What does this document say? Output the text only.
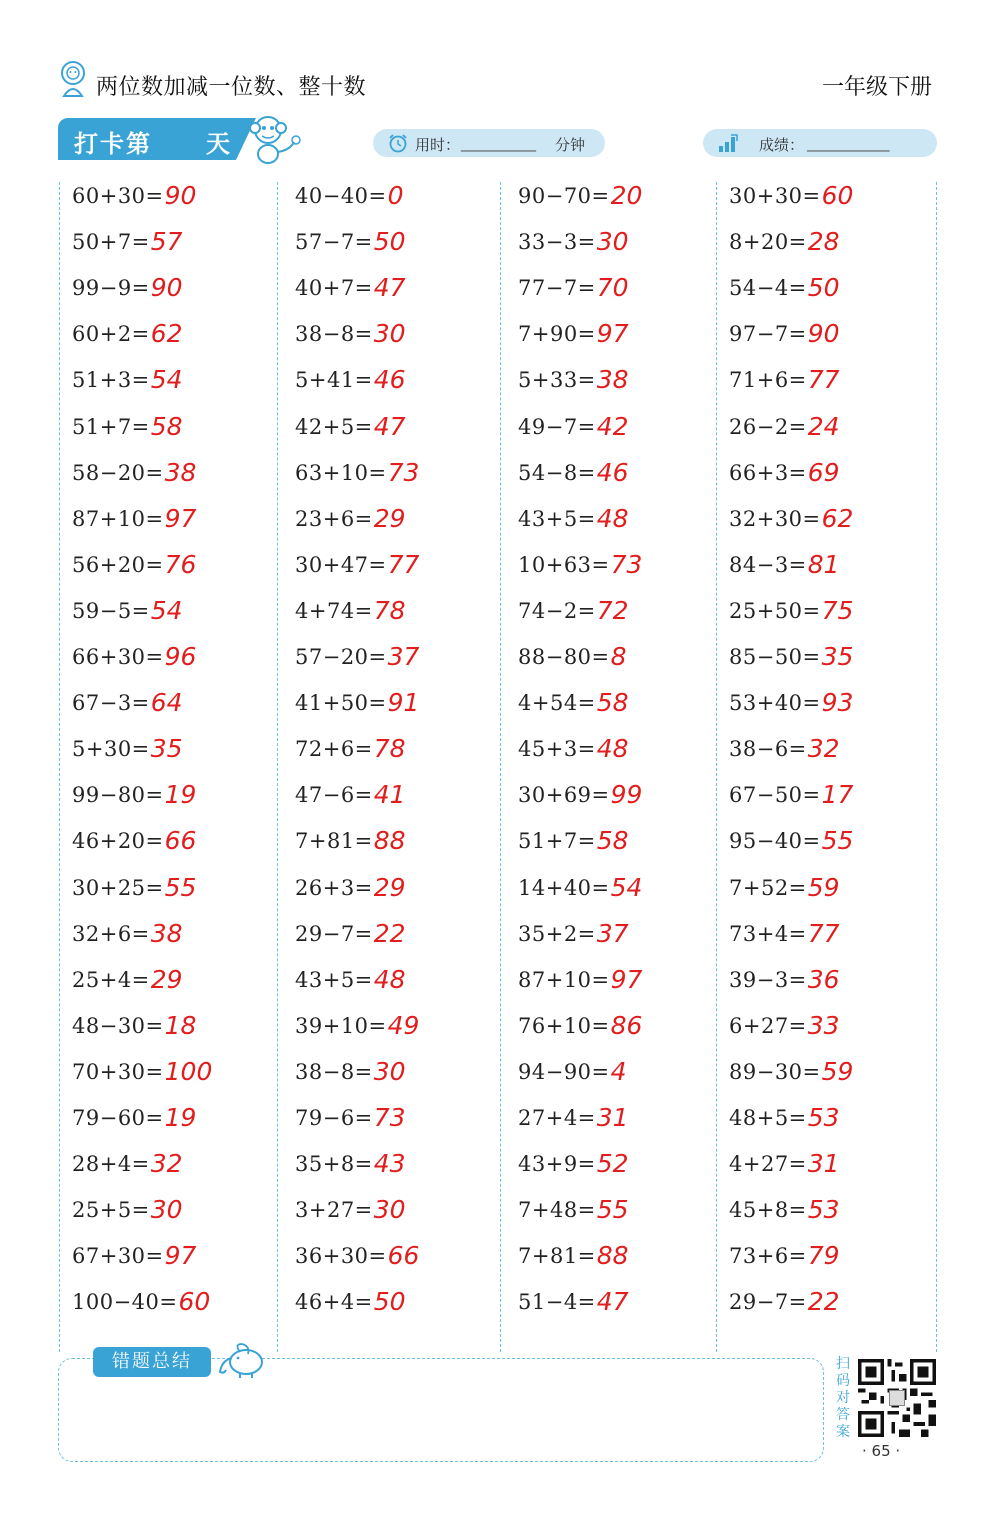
两位数加减一位数、整十数	一年级下册
打卡第 天	用时： __________ 分钟	成绩： ___________
60+30=90
50+7=57
99−9=90
60+2=62
51+3=54
51+7=58
58−20=38
87+10=97
56+20=76
59−5=54
66+30=96
67−3=64
5+30=35
99−80=19
46+20=66
30+25=55
32+6=38
25+4=29
48−30=18
70+30=100
79−60=19
28+4=32
25+5=30
67+30=97
100−40=60
40−40=0
57−7=50
40+7=47
38−8=30
5+41=46
42+5=47
63+10=73
23+6=29
30+47=77
4+74=78
57−20=37
41+50=91
72+6=78
47−6=41
7+81=88
26+3=29
29−7=22
43+5=48
39+10=49
38−8=30
79−6=73
35+8=43
3+27=30
36+30=66
46+4=50
90−70=20
33−3=30
77−7=70
7+90=97
5+33=38
49−7=42
54−8=46
43+5=48
10+63=73
74−2=72
88−80=8
4+54=58
45+3=48
30+69=99
51+7=58
14+40=54
35+2=37
87+10=97
76+10=86
94−90=4
27+4=31
43+9=52
7+48=55
7+81=88
51−4=47
30+30=60
8+20=28
54−4=50
97−7=90
71+6=77
26−2=24
66+3=69
32+30=62
84−3=81
25+50=75
85−50=35
53+40=93
38−6=32
67−50=17
95−40=55
7+52=59
73+4=77
39−3=36
6+27=33
89−30=59
48+5=53
4+27=31
45+8=53
73+6=79
29−7=22
错题总结	扫码对答案
· 65 ·
